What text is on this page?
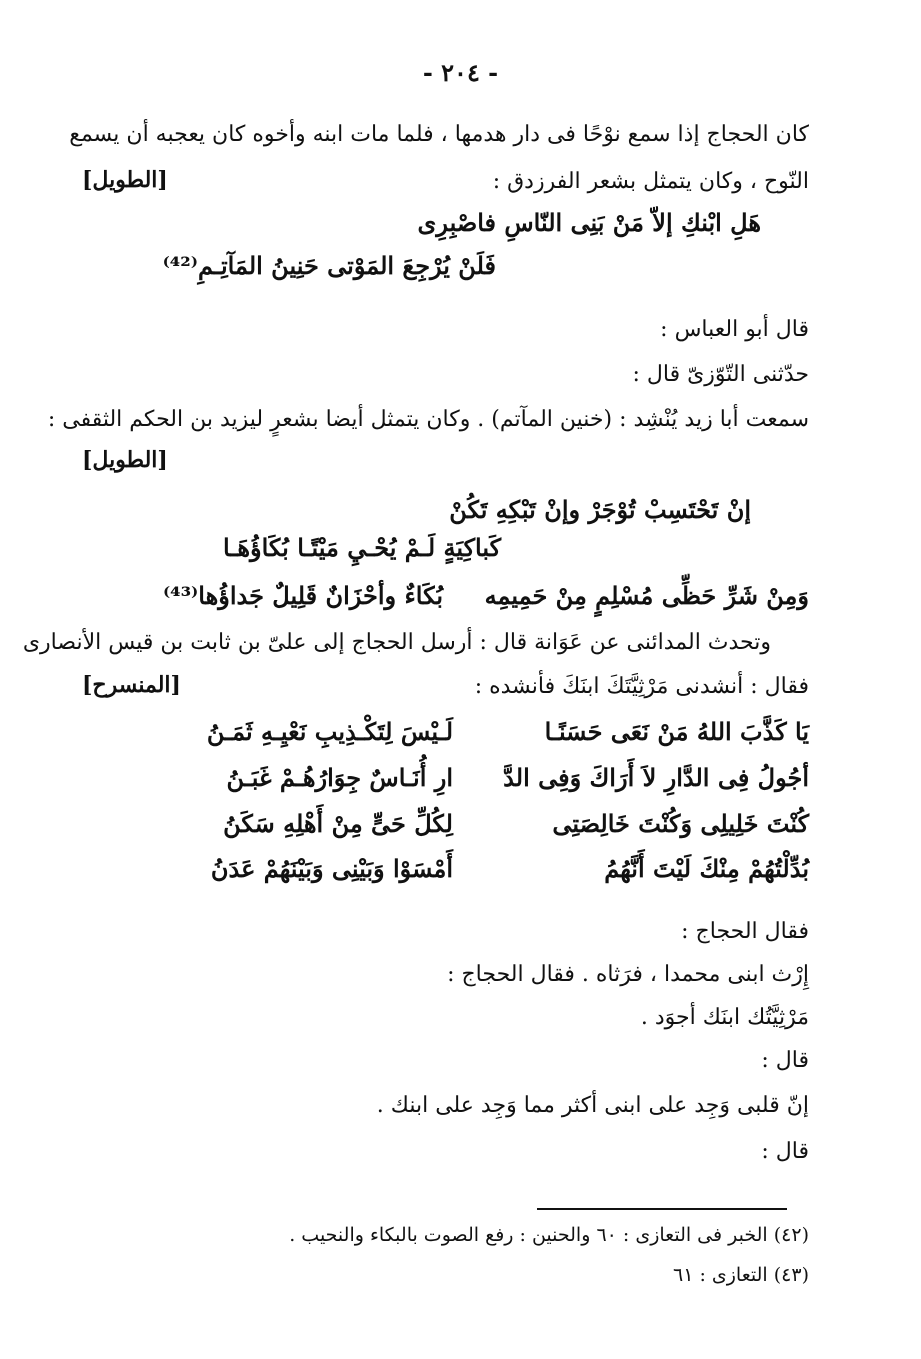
- ٢٠٤ -
كان الحجاج إذا سمع نوْحًا فى دار هدمها ، فلما مات ابنه وأخوه كان يعجبه أن يسمع
النّوح ، وكان يتمثل بشعر الفرزدق :
[الطويل]
هَلِ ابْنكِ إلاّ مَنْ بَنِى النّاسِ فاصْبِرِى
فَلَنْ يُرْجِعَ المَوْتى حَنِينُ المَآتِـمِ⁽⁴²⁾
قال أبو العباس :
حدّثنى التّوّزىّ قال :
سمعت أبا زيد يُنْشِد : (خنين المآتم) . وكان يتمثل أيضا بشعرٍ ليزيد بن الحكم الثقفى :
[الطويل]
إنْ تَحْتَسِبْ تُوْجَرْ وإنْ تَبْكِهِ تَكُنْ
كَباكِيَةٍ لَـمْ يُحْـيِ مَيْتًـا بُكَاؤُهَـا
وَمِنْ شَرِّ حَظِّى مُسْلِمٍ مِنْ حَمِيمِه
بُكَاءٌ وأحْزَانٌ قَلِيلٌ جَداؤُها⁽⁴³⁾
وتحدث المدائنى عن عَوَانة قال : أرسل الحجاج إلى علىّ بن ثابت بن قيس الأنصارى
فقال : أنشدنى مَرْثِيَّتَكَ ابنَكَ فأنشده :
[المنسرح]
يَا كَذَّبَ اللهُ مَنْ نَعَى حَسَنًـا
لَـيْسَ لِتَكْـذِيبِ نَعْيِـهِ ثَمَـنُ
أجُولُ فِى الدَّارِ لاَ أَرَاكَ وَفِى الدَّ
ارِ أُنَـاسٌ جِوَارُهُـمْ غَبَـنُ
كُنْتَ خَلِيلِى وَكُنْتَ خَالِصَتِى
لِكُلِّ حَىٍّ مِنْ أَهْلِهِ سَكَنُ
بُدِّلْتُهُمْ مِنْكَ لَيْتَ أَنَّهُمُ
أَمْسَوْا وَبَيْنِى وَبَيْنَهُمْ عَدَنُ
فقال الحجاج :
إِرْث ابنى محمدا ، فرَثاه . فقال الحجاج :
مَرْثِيَّتُك ابنَك أجوَد .
قال :
إنّ قلبى وَجِد على ابنى أكثر مما وَجِد على ابنك .
قال :
(٤٢) الخبر فى التعازى : ٦٠ والحنين : رفع الصوت بالبكاء والنحيب .
(٤٣) التعازى : ٦١
